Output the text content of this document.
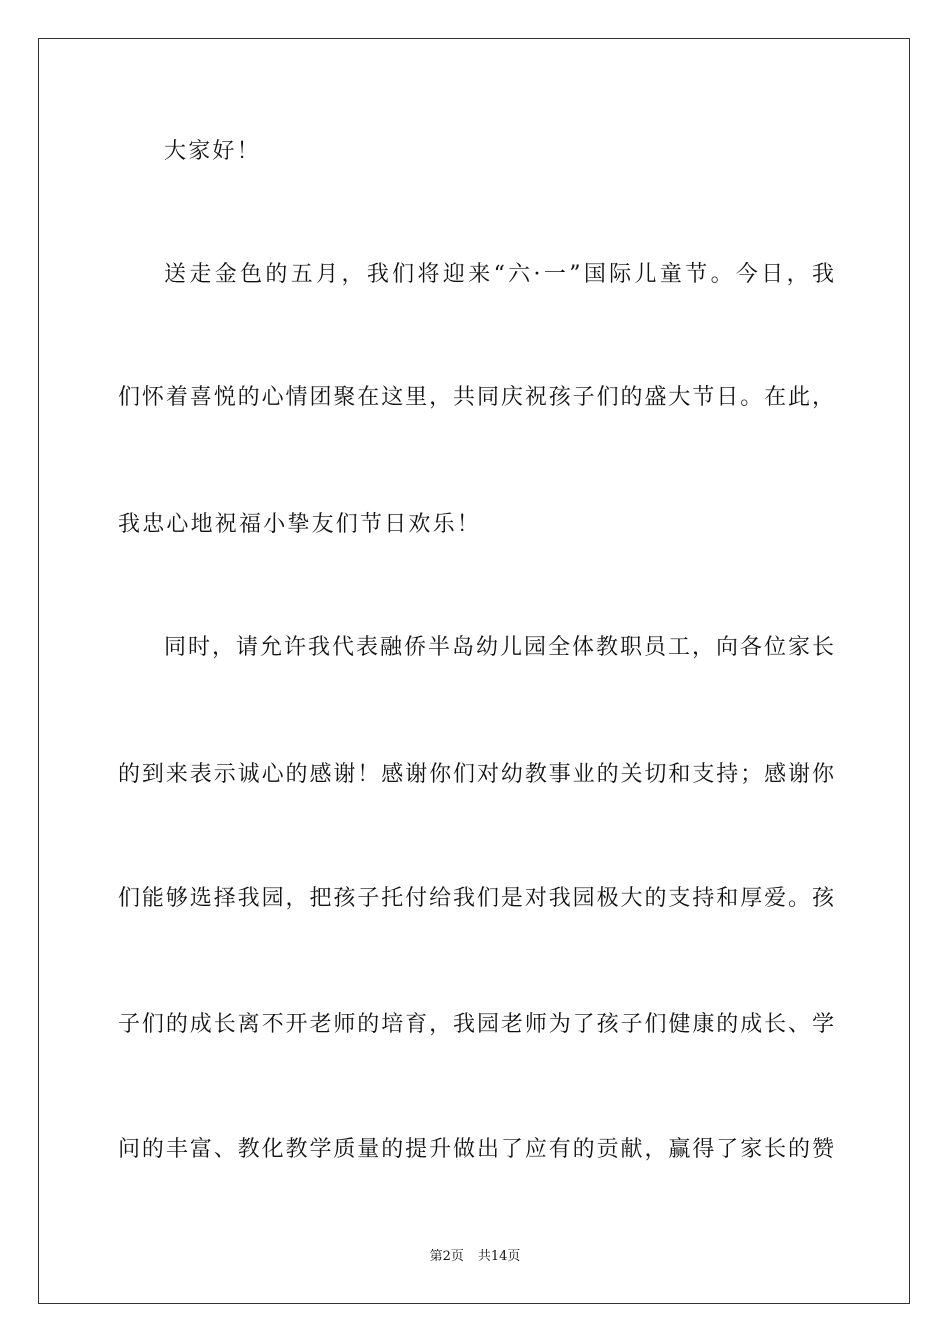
大家好！
送走金色的五月，我们将迎来“六·一”国际儿童节。今日，我
们怀着喜悦的心情团聚在这里，共同庆祝孩子们的盛大节日。在此，
我忠心地祝福小挚友们节日欢乐！
同时，请允许我代表融侨半岛幼儿园全体教职员工，向各位家长
的到来表示诚心的感谢！感谢你们对幼教事业的关切和支持；感谢你
们能够选择我园，把孩子托付给我们是对我园极大的支持和厚爱。孩
子们的成长离不开老师的培育，我园老师为了孩子们健康的成长、学
问的丰富、教化教学质量的提升做出了应有的贡献，赢得了家长的赞
第2页 共14页
